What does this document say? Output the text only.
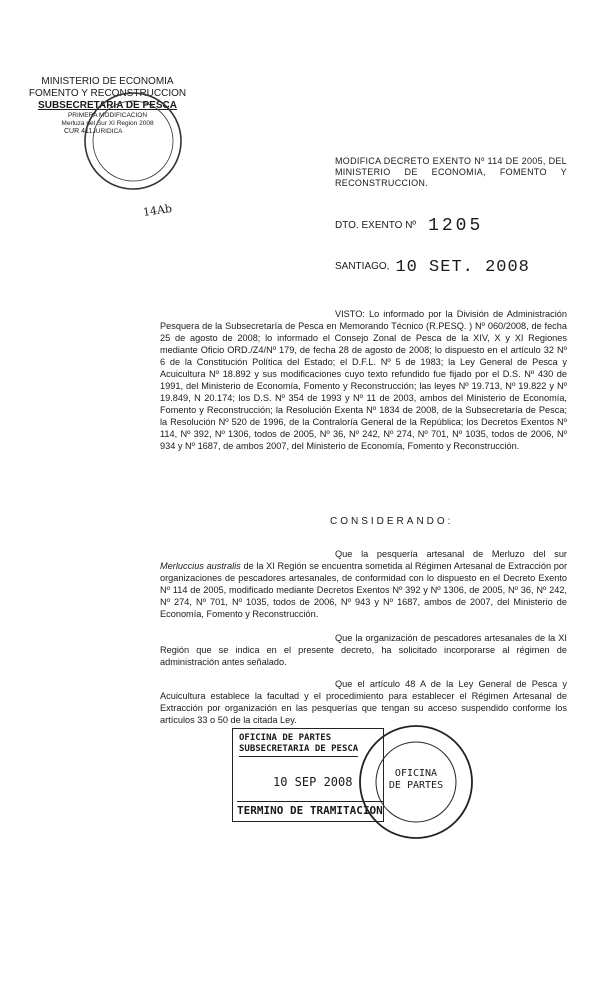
MINISTERIO DE ECONOMIA
FOMENTO Y RECONSTRUCCION
SUBSECRETARIA DE PESCA
PRIMERA MODIFICACION
Merluza del Sur XI Region 2008
JURIDICA
CUR 411
14Ab
MODIFICA DECRETO EXENTO Nº 114 DE 2005, DEL MINISTERIO DE ECONOMIA, FOMENTO Y RECONSTRUCCION.
DTO. EXENTO Nº 1205
SANTIAGO, 10 SET. 2008
VISTO: Lo informado por la División de Administración Pesquera de la Subsecretaría de Pesca en Memorando Técnico (R.PESQ. ) Nº 060/2008, de fecha 25 de agosto de 2008; lo informado el Consejo Zonal de Pesca de la XIV, X y XI Regiones mediante Oficio ORD./Z4/Nº 179, de fecha 28 de agosto de 2008; lo dispuesto en el artículo 32 Nº 6 de la Constitución Política del Estado; el D.F.L. Nº 5 de 1983; la Ley General de Pesca y Acuicultura Nº 18.892 y sus modificaciones cuyo texto refundido fue fijado por el D.S. Nº 430 de 1991, del Ministerio de Economía, Fomento y Reconstrucción; las leyes Nº 19.713, Nº 19.822 y Nº 19.849, N 20.174; los D.S. Nº 354 de 1993 y Nº 11 de 2003, ambos del Ministerio de Economía, Fomento y Reconstrucción; la Resolución Exenta Nº 1834 de 2008, de la Subsecretaría de Pesca; la Resolución Nº 520 de 1996, de la Contraloría General de la República; los Decretos Exentos Nº 114, Nº 392, Nº 1306, todos de 2005, Nº 36, Nº 242, Nº 274, Nº 701, Nº 1035, todos de 2006, Nº 934 y Nº 1687, de ambos 2007, del Ministerio de Economía, Fomento y Reconstrucción.
CONSIDERANDO:
Que la pesquería artesanal de Merluzo del sur Merluccius australis de la XI Región se encuentra sometida al Régimen Artesanal de Extracción por organizaciones de pescadores artesanales, de conformidad con lo dispuesto en el Decreto Exento Nº 114 de 2005, modificado mediante Decretos Exentos Nº 392 y Nº 1306, de 2005, Nº 36, Nº 242, Nº 274, Nº 701, Nº 1035, todos de 2006, Nº 943 y Nº 1687, ambos de 2007, del Ministerio de Economía, Fomento y Reconstrucción.
Que la organización de pescadores artesanales de la XI Región que se indica en el presente decreto, ha solicitado incorporarse al régimen de administración antes señalado.
Que el artículo 48 A de la Ley General de Pesca y Acuicultura establece la facultad y el procedimiento para establecer el Régimen Artesanal de Extracción por organización en las pesquerías que tengan su acceso suspendido conforme los artículos 33 o 50 de la citada Ley.
OFICINA DE PARTES
SUBSECRETARIA DE PESCA
10 SEP 2008
TERMINO DE TRAMITACION
OFICINA
DE PARTES
